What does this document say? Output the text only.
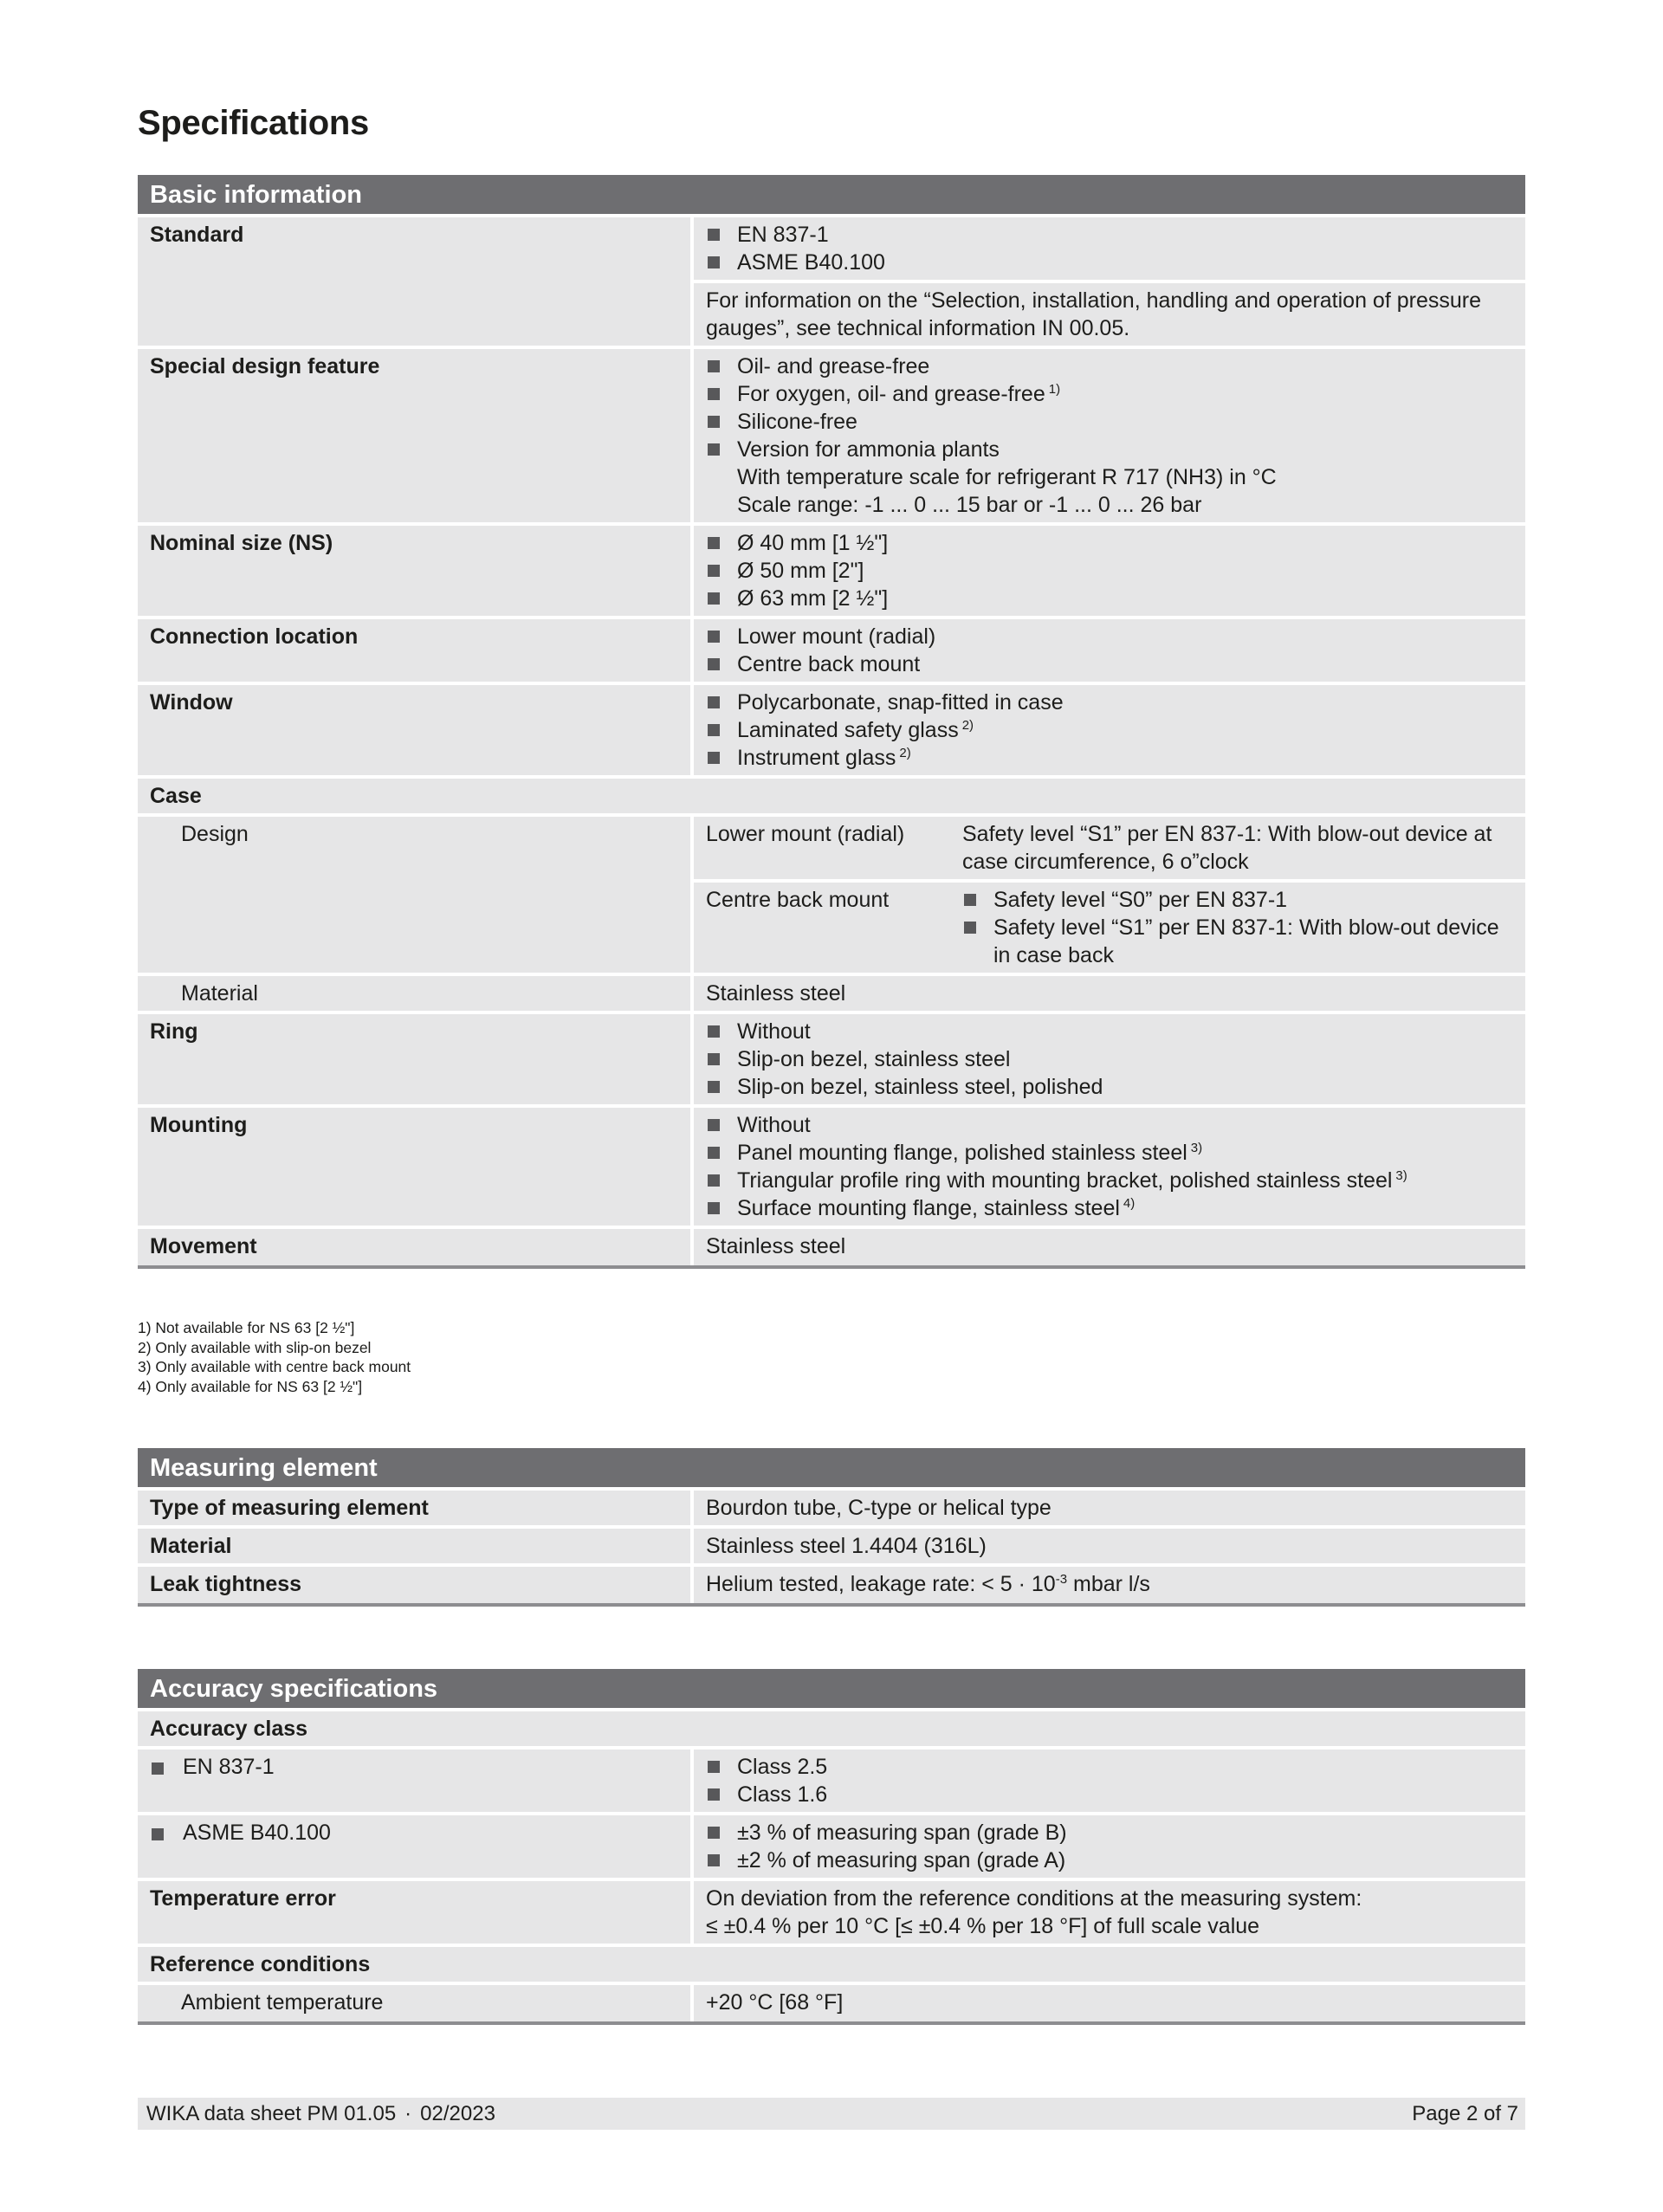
Specifications
Basic information
Standard	EN 837-1
ASME B40.100
For information on the “Selection, installation, handling and operation of pressure gauges”, see technical information IN 00.05.
Special design feature	Oil- and grease-free
For oxygen, oil- and grease-free $^{1)}$
Silicone-free
Version for ammonia plants
With temperature scale for refrigerant R 717 (NH3) in °C
Scale range: -1 ... 0 ... 15 bar or -1 ... 0 ... 26 bar
Nominal size (NS)	Ø 40 mm [1 ½"]
Ø 50 mm [2"]
Ø 63 mm [2 ½"]
Connection location	Lower mount (radial)
Centre back mount
Window	Polycarbonate, snap-fitted in case
Laminated safety glass $^{2)}$
Instrument glass $^{2)}$
Case
Design	Lower mount (radial)	Safety level “S1” per EN 837-1: With blow-out device at case circumference, 6 o”clock
Centre back mount	Safety level “S0” per EN 837-1
Safety level “S1” per EN 837-1: With blow-out device in case back
Material	Stainless steel
Ring	Without
Slip-on bezel, stainless steel
Slip-on bezel, stainless steel, polished
Mounting	Without
Panel mounting flange, polished stainless steel $^{3)}$
Triangular profile ring with mounting bracket, polished stainless steel $^{3)}$
Surface mounting flange, stainless steel $^{4)}$
Movement	Stainless steel
1) Not available for NS 63 [2 ½"]
2) Only available with slip-on bezel
3) Only available with centre back mount
4) Only available for NS 63 [2 ½"]
Measuring element
Type of measuring element	Bourdon tube, C-type or helical type
Material	Stainless steel 1.4404 (316L)
Leak tightness	Helium tested, leakage rate: < $5 \cdot 10^{-3}$ mbar l/s
Accuracy specifications
Accuracy class
EN 837-1	Class 2.5
Class 1.6
ASME B40.100	±3 % of measuring span (grade B)
±2 % of measuring span (grade A)
Temperature error	On deviation from the reference conditions at the measuring system:
≤ ±0.4 % per 10 °C [≤ ±0.4 % per 18 °F] of full scale value
Reference conditions
Ambient temperature	+20 °C [68 °F]
WIKA data sheet PM 01.05 · 02/2023	Page 2 of 7
